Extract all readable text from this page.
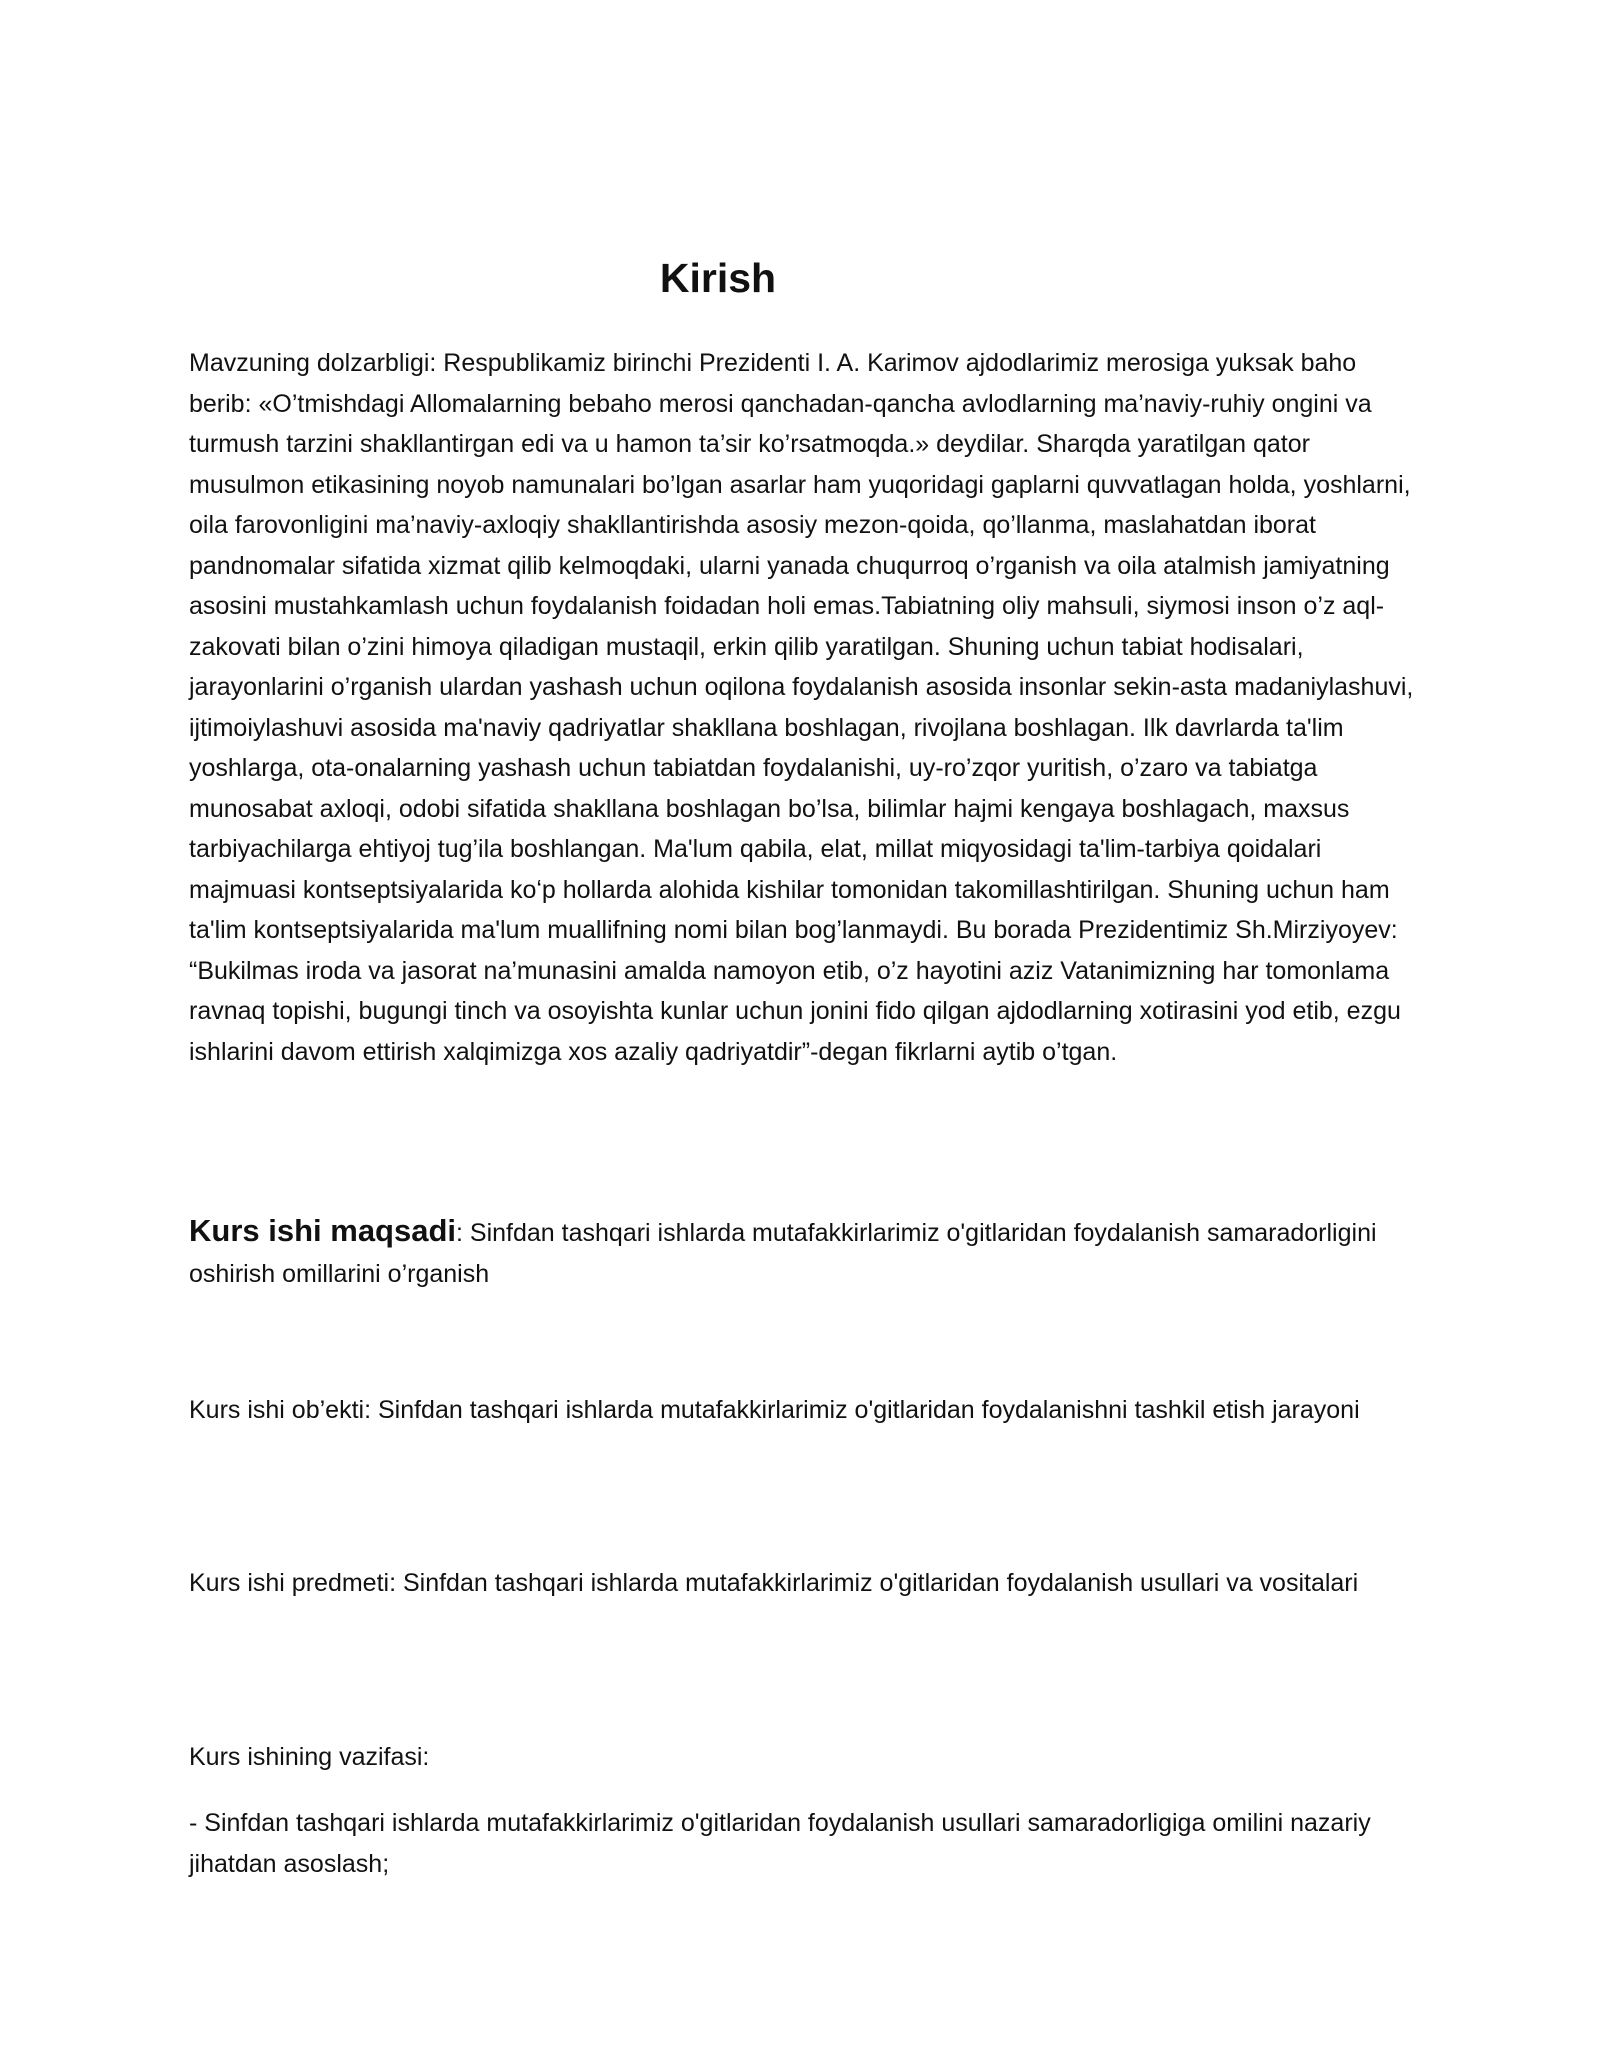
Kirish

Mavzuning dolzarbligi: Respublikamiz birinchi Prezidenti I. A. Karimov ajdodlarimiz merosiga yuksak baho berib: «O’tmishdagi Allomalarning bebaho merosi qanchadan-qancha avlodlarning ma’naviy-ruhiy ongini va turmush tarzini shakllantirgan edi va u hamon ta’sir ko’rsatmoqda.» deydilar. Sharqda yaratilgan qator musulmon etikasining noyob namunalari bo’lgan asarlar ham yuqoridagi gaplarni quvvatlagan holda, yoshlarni, oila farovonligini ma’naviy-axloqiy shakllantirishda asosiy mezon-qoida, qo’llanma, maslahatdan iborat pandnomalar sifatida xizmat qilib kelmoqdaki, ularni yanada chuqurroq o’rganish va oila atalmish jamiyatning asosini mustahkamlash uchun foydalanish foidadan holi emas.Tabiatning oliy mahsuli, siymosi inson o’z aql-zakovati bilan o’zini himoya qiladigan mustaqil, erkin qilib yaratilgan. Shuning uchun tabiat hodisalari, jarayonlarini o’rganish ulardan yashash uchun oqilona foydalanish asosida insonlar sekin-asta madaniylashuvi, ijtimoiylashuvi asosida ma'naviy qadriyatlar shakllana boshlagan, rivojlana boshlagan. Ilk davrlarda ta'lim yoshlarga, ota-onalarning yashash uchun tabiatdan foydalanishi, uy-ro’zqor yuritish, o’zaro va tabiatga munosabat axloqi, odobi sifatida shakllana boshlagan bo’lsa, bilimlar hajmi kengaya boshlagach, maxsus tarbiyachilarga ehtiyoj tug’ila boshlangan. Ma'lum qabila, elat, millat miqyosidagi ta'lim-tarbiya qoidalari majmuasi kontseptsiyalarida koʻp hollarda alohida kishilar tomonidan takomillashtirilgan. Shuning uchun ham ta'lim kontseptsiyalarida ma'lum muallifning nomi bilan bog’lanmaydi. Bu borada Prezidentimiz Sh.Mirziyoyev: “Bukilmas iroda va jasorat na’munasini amalda namoyon etib, o’z hayotini aziz Vatanimizning har tomonlama ravnaq topishi, bugungi tinch va osoyishta kunlar uchun jonini fido qilgan ajdodlarning xotirasini yod etib, ezgu ishlarini davom ettirish xalqimizga xos azaliy qadriyatdir”-degan fikrlarni aytib o’tgan.

Kurs ishi maqsadi: Sinfdan tashqari ishlarda mutafakkirlarimiz o'gitlaridan foydalanish samaradorligini oshirish omillarini o’rganish

Kurs ishi ob’ekti: Sinfdan tashqari ishlarda mutafakkirlarimiz o'gitlaridan foydalanishni tashkil etish jarayoni

Kurs ishi predmeti: Sinfdan tashqari ishlarda mutafakkirlarimiz o'gitlaridan foydalanish usullari va vositalari

Kurs ishining vazifasi:

- Sinfdan tashqari ishlarda mutafakkirlarimiz o'gitlaridan foydalanish usullari samaradorligiga omilini nazariy jihatdan asoslash;
